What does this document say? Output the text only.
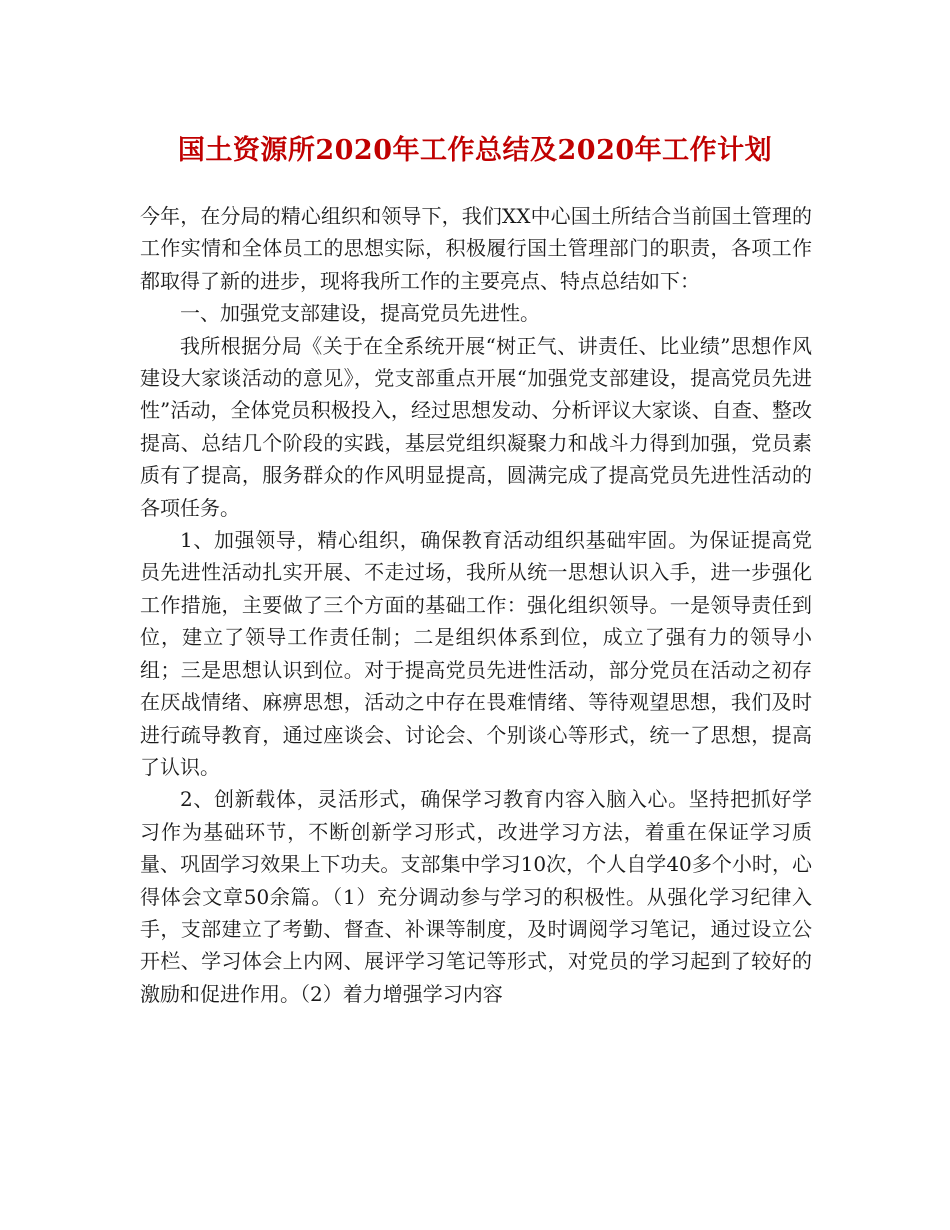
国土资源所2020年工作总结及2020年工作计划

今年，在分局的精心组织和领导下，我们XX中心国土所结合当前国土管理的工作实情和全体员工的思想实际，积极履行国土管理部门的职责，各项工作都取得了新的进步，现将我所工作的主要亮点、特点总结如下：

一、加强党支部建设，提高党员先进性。

我所根据分局《关于在全系统开展“树正气、讲责任、比业绩”思想作风建设大家谈活动的意见》，党支部重点开展“加强党支部建设，提高党员先进性”活动，全体党员积极投入，经过思想发动、分析评议大家谈、自查、整改提高、总结几个阶段的实践，基层党组织凝聚力和战斗力得到加强，党员素质有了提高，服务群众的作风明显提高，圆满完成了提高党员先进性活动的各项任务。

1、加强领导，精心组织，确保教育活动组织基础牢固。为保证提高党员先进性活动扎实开展、不走过场，我所从统一思想认识入手，进一步强化工作措施，主要做了三个方面的基础工作：强化组织领导。一是领导责任到位，建立了领导工作责任制；二是组织体系到位，成立了强有力的领导小组；三是思想认识到位。对于提高党员先进性活动，部分党员在活动之初存在厌战情绪、麻痹思想，活动之中存在畏难情绪、等待观望思想，我们及时进行疏导教育，通过座谈会、讨论会、个别谈心等形式，统一了思想，提高了认识。

2、创新载体，灵活形式，确保学习教育内容入脑入心。坚持把抓好学习作为基础环节，不断创新学习形式，改进学习方法，着重在保证学习质量、巩固学习效果上下功夫。支部集中学习10次，个人自学40多个小时，心得体会文章50余篇。（1）充分调动参与学习的积极性。从强化学习纪律入手，支部建立了考勤、督查、补课等制度，及时调阅学习笔记，通过设立公开栏、学习体会上内网、展评学习笔记等形式，对党员的学习起到了较好的激励和促进作用。（2）着力增强学习内容
